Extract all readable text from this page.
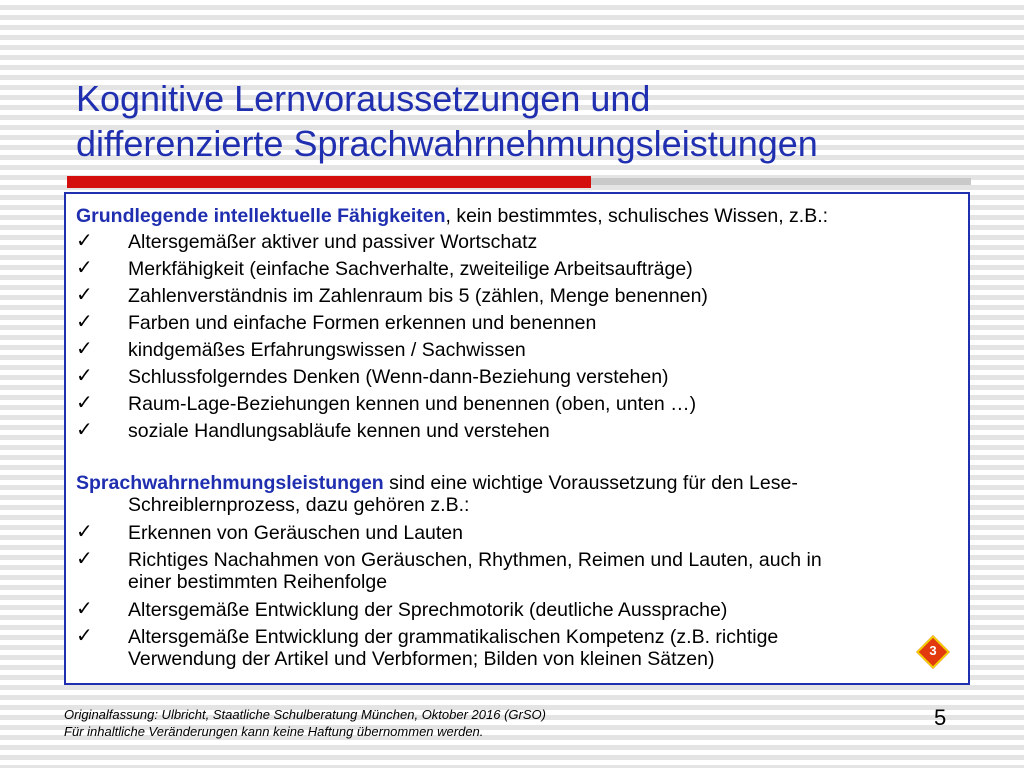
Kognitive Lernvoraussetzungen und
differenzierte Sprachwahrnehmungsleistungen
Grundlegende intellektuelle Fähigkeiten, kein bestimmtes, schulisches Wissen, z.B.:
✓	Altersgemäßer aktiver und passiver Wortschatz
✓	Merkfähigkeit (einfache Sachverhalte, zweiteilige Arbeitsaufträge)
✓	Zahlenverständnis im Zahlenraum bis 5 (zählen, Menge benennen)
✓	Farben und einfache Formen erkennen und benennen
✓	kindgemäßes Erfahrungswissen / Sachwissen
✓	Schlussfolgerndes Denken (Wenn-dann-Beziehung verstehen)
✓	Raum-Lage-Beziehungen kennen und benennen (oben, unten …)
✓	soziale Handlungsabläufe kennen und verstehen
Sprachwahrnehmungsleistungen sind eine wichtige Voraussetzung für den Lese-
Schreiblernprozess, dazu gehören z.B.:
✓	Erkennen von Geräuschen und Lauten
✓	Richtiges Nachahmen von Geräuschen, Rhythmen, Reimen und Lauten, auch in
einer bestimmten Reihenfolge
✓	Altersgemäße Entwicklung der Sprechmotorik (deutliche Aussprache)
✓	Altersgemäße Entwicklung der grammatikalischen Kompetenz (z.B. richtige
Verwendung der Artikel und Verbformen; Bilden von kleinen Sätzen)	3
Originalfassung: Ulbricht, Staatliche Schulberatung München, Oktober 2016 (GrSO)
Für inhaltliche Veränderungen kann keine Haftung übernommen werden.
5
